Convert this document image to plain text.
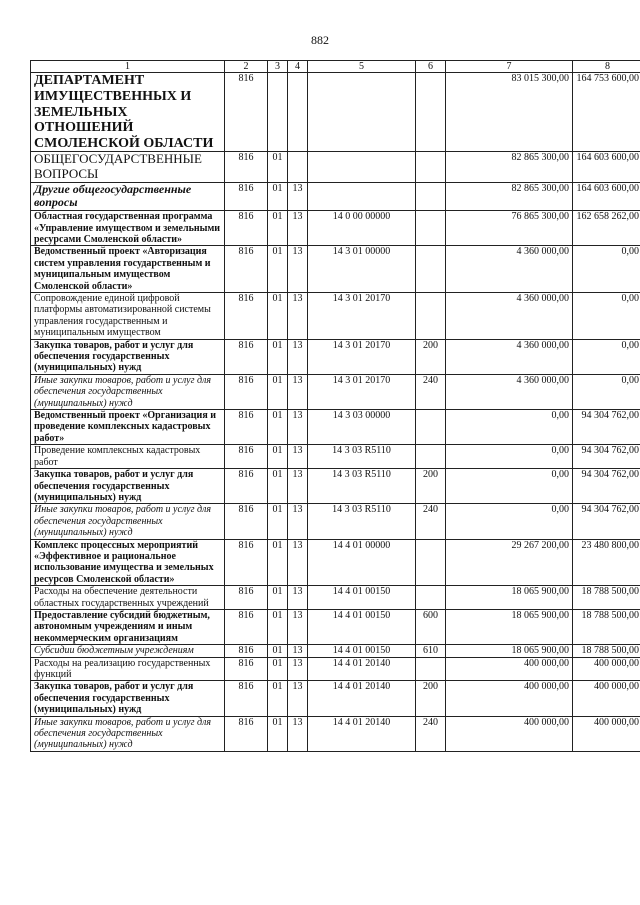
882
1	2	3	4	5	6	7	8
ДЕПАРТАМЕНТ ИМУЩЕСТВЕННЫХ И ЗЕМЕЛЬНЫХ ОТНОШЕНИЙ СМОЛЕНСКОЙ ОБЛАСТИ	816					83 015 300,00	164 753 600,00
ОБЩЕГОСУДАРСТВЕННЫЕ ВОПРОСЫ	816	01				82 865 300,00	164 603 600,00
Другие общегосударственные вопросы	816	01	13			82 865 300,00	164 603 600,00
Областная государственная программа «Управление имуществом и земельными ресурсами Смоленской области»	816	01	13	14 0 00 00000		76 865 300,00	162 658 262,00
Ведомственный проект «Авторизация систем управления государственным и муниципальным имуществом Смоленской области»	816	01	13	14 3 01 00000		4 360 000,00	0,00
Сопровождение единой цифровой платформы автоматизированной системы управления государственным и муниципальным имуществом	816	01	13	14 3 01 20170		4 360 000,00	0,00
Закупка товаров, работ и услуг для обеспечения государственных (муниципальных) нужд	816	01	13	14 3 01 20170	200	4 360 000,00	0,00
Иные закупки товаров, работ и услуг для обеспечения государственных (муниципальных) нужд	816	01	13	14 3 01 20170	240	4 360 000,00	0,00
Ведомственный проект «Организация и проведение комплексных кадастровых работ»	816	01	13	14 3 03 00000		0,00	94 304 762,00
Проведение комплексных кадастровых работ	816	01	13	14 3 03 R5110		0,00	94 304 762,00
Закупка товаров, работ и услуг для обеспечения государственных (муниципальных) нужд	816	01	13	14 3 03 R5110	200	0,00	94 304 762,00
Иные закупки товаров, работ и услуг для обеспечения государственных (муниципальных) нужд	816	01	13	14 3 03 R5110	240	0,00	94 304 762,00
Комплекс процессных мероприятий «Эффективное и рациональное использование имущества и земельных ресурсов Смоленской области»	816	01	13	14 4 01 00000		29 267 200,00	23 480 800,00
Расходы на обеспечение деятельности областных государственных учреждений	816	01	13	14 4 01 00150		18 065 900,00	18 788 500,00
Предоставление субсидий бюджетным, автономным учреждениям и иным некоммерческим организациям	816	01	13	14 4 01 00150	600	18 065 900,00	18 788 500,00
Субсидии бюджетным учреждениям	816	01	13	14 4 01 00150	610	18 065 900,00	18 788 500,00
Расходы на реализацию государственных функций	816	01	13	14 4 01 20140		400 000,00	400 000,00
Закупка товаров, работ и услуг для обеспечения государственных (муниципальных) нужд	816	01	13	14 4 01 20140	200	400 000,00	400 000,00
Иные закупки товаров, работ и услуг для обеспечения государственных (муниципальных) нужд	816	01	13	14 4 01 20140	240	400 000,00	400 000,00
